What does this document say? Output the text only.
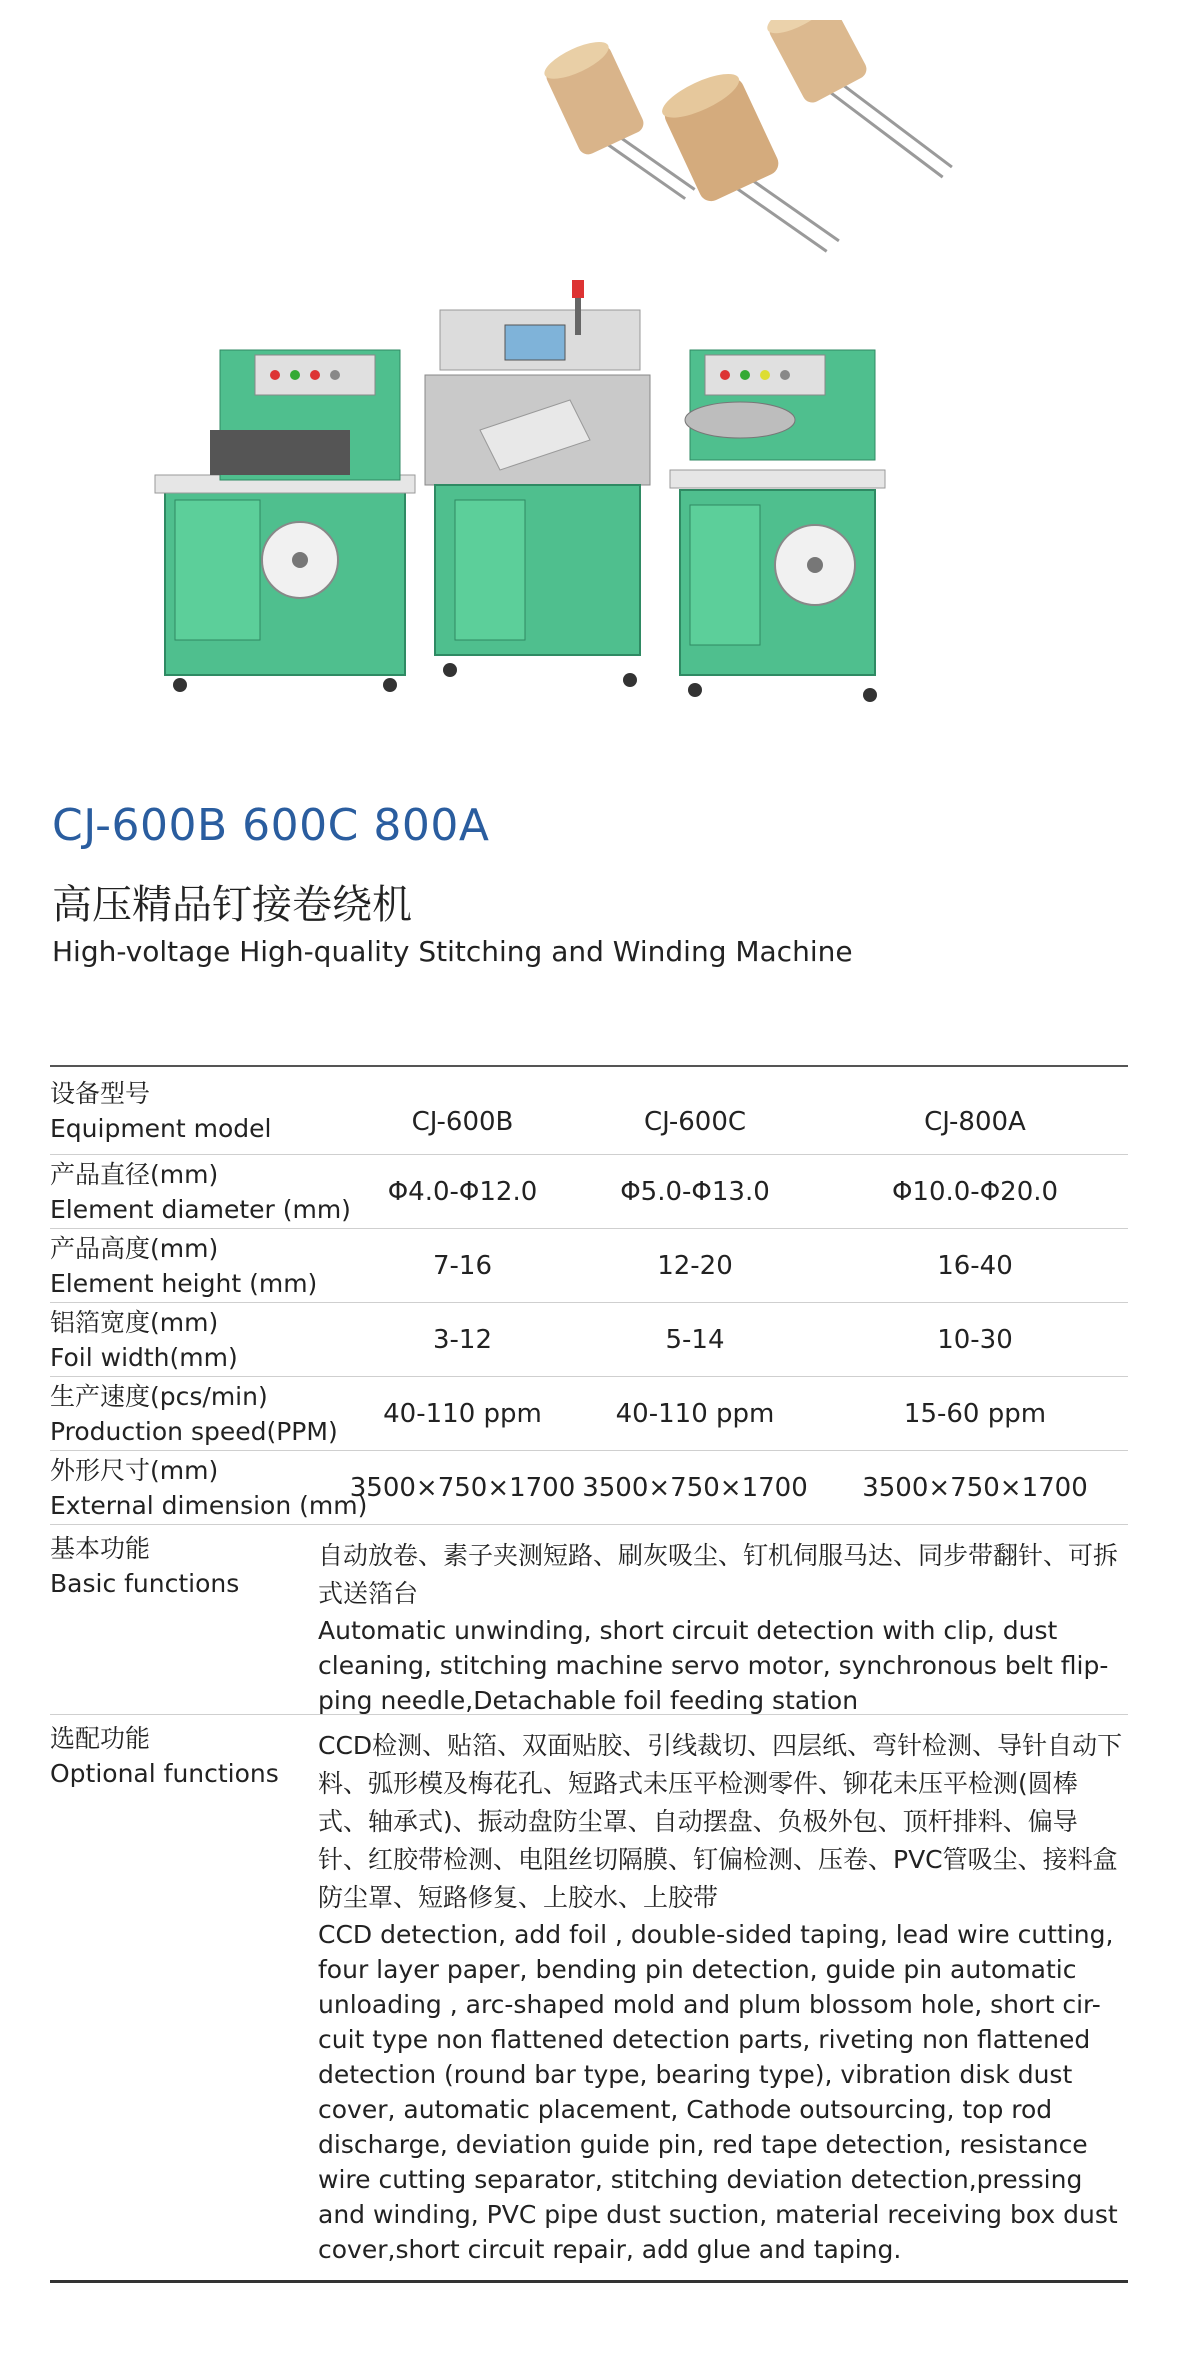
CJ-600B 600C 800A
高压精品钉接卷绕机
High-voltage High-quality Stitching and Winding Machine
设备型号
Equipment model	CJ-600B	CJ-600C	CJ-800A
产品直径(mm)
Element diameter (mm)
Φ4.0-Φ12.0	Φ5.0-Φ13.0	Φ10.0-Φ20.0
产品高度(mm)
Element height (mm)
7-16	12-20	16-40
铝箔宽度(mm)
Foil width(mm)
3-12	5-14	10-30
生产速度(pcs/min)
Production speed(PPM)
40-110 ppm	40-110 ppm	15-60 ppm
外形尺寸(mm)
External dimension (mm)
3500×750×1700 3500×750×1700	3500×750×1700
基本功能
Basic functions
自动放卷、素子夹测短路、刷灰吸尘、钉机伺服马达、同步带翻针、可拆式送箔台
Automatic unwinding, short circuit detection with clip, dust cleaning, stitching machine servo motor, synchronous belt flip-ping needle,Detachable foil feeding station
选配功能
Optional functions
CCD检测、贴箔、双面贴胶、引线裁切、四层纸、弯针检测、导针自动下料、弧形模及梅花孔、短路式未压平检测零件、铆花未压平检测(圆棒式、轴承式)、振动盘防尘罩、自动摆盘、负极外包、顶杆排料、偏导针、红胶带检测、电阻丝切隔膜、钉偏检测、压卷、PVC管吸尘、接料盒防尘罩、短路修复、上胶水、上胶带
CCD detection, add foil , double-sided taping, lead wire cutting, four layer paper, bending pin detection, guide pin automatic unloading , arc-shaped mold and plum blossom hole, short cir-cuit type non flattened detection parts, riveting non flattened detection (round bar type, bearing type), vibration disk dust cover, automatic placement, Cathode outsourcing, top rod discharge, deviation guide pin, red tape detection, resistance wire cutting separator, stitching deviation detection,pressing and winding, PVC pipe dust suction, material receiving box dust cover,short circuit repair, add glue and taping.
